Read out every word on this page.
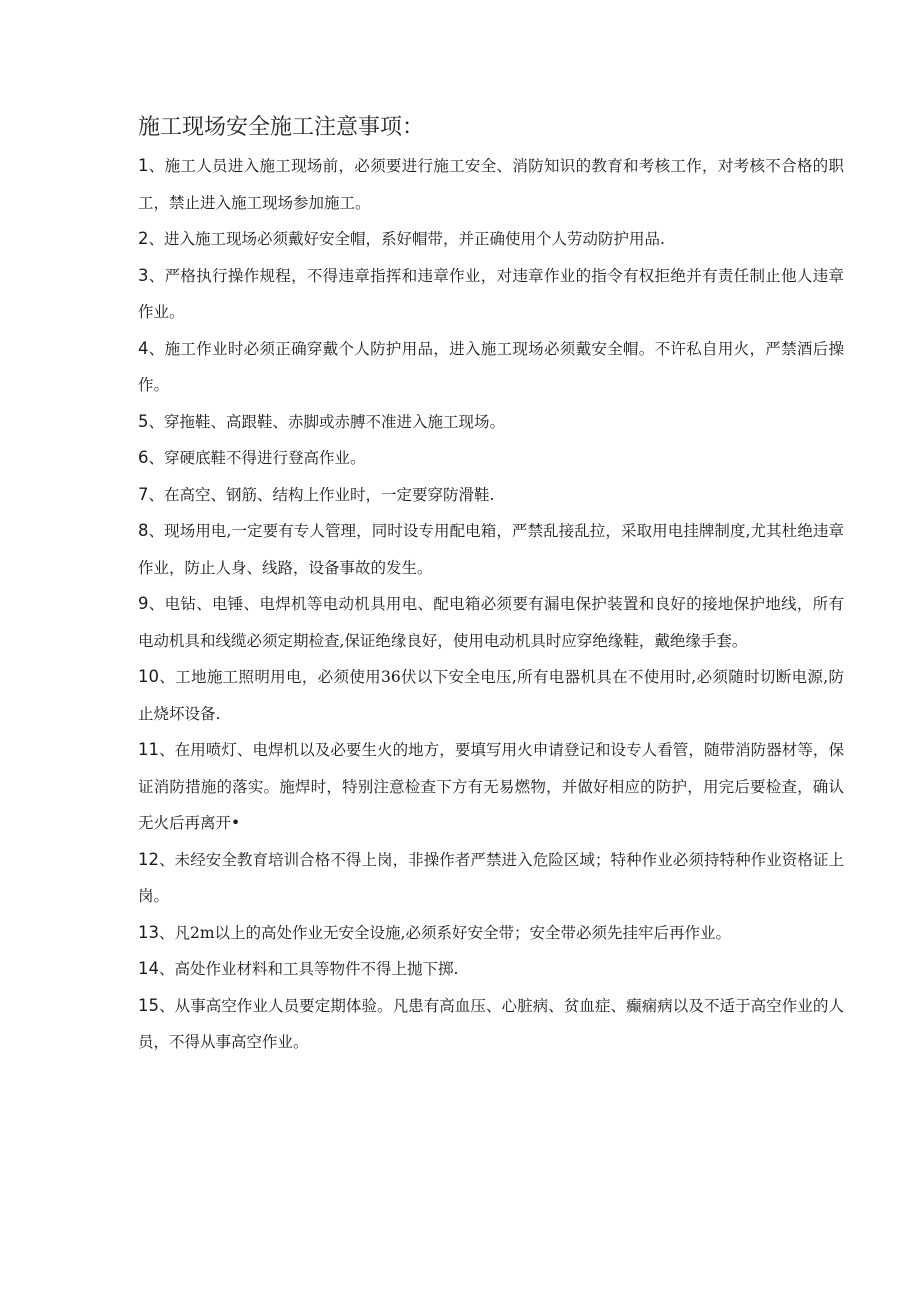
施工现场安全施工注意事项：

1、施工人员进入施工现场前，必须要进行施工安全、消防知识的教育和考核工作，对考核不合格的职工，禁止进入施工现场参加施工。

2、进入施工现场必须戴好安全帽，系好帽带，并正确使用个人劳动防护用品.

3、严格执行操作规程，不得违章指挥和违章作业，对违章作业的指令有权拒绝并有责任制止他人违章作业。

4、施工作业时必须正确穿戴个人防护用品，进入施工现场必须戴安全帽。不许私自用火，严禁酒后操作。

5、穿拖鞋、高跟鞋、赤脚或赤膊不准进入施工现场。

6、穿硬底鞋不得进行登高作业。

7、在高空、钢筋、结构上作业时，一定要穿防滑鞋.

8、现场用电,一定要有专人管理，同时设专用配电箱，严禁乱接乱拉，采取用电挂牌制度,尤其杜绝违章作业，防止人身、线路，设备事故的发生。

9、电钻、电锤、电焊机等电动机具用电、配电箱必须要有漏电保护装置和良好的接地保护地线，所有电动机具和线缆必须定期检查,保证绝缘良好，使用电动机具时应穿绝缘鞋，戴绝缘手套。

10、工地施工照明用电，必须使用36伏以下安全电压,所有电器机具在不使用时,必须随时切断电源,防止烧坏设备.

11、在用喷灯、电焊机以及必要生火的地方，要填写用火申请登记和设专人看管，随带消防器材等，保证消防措施的落实。施焊时，特别注意检查下方有无易燃物，并做好相应的防护，用完后要检查，确认无火后再离开•

12、未经安全教育培训合格不得上岗，非操作者严禁进入危险区域；特种作业必须持特种作业资格证上岗。

13、凡2m以上的高处作业无安全设施,必须系好安全带；安全带必须先挂牢后再作业。

14、高处作业材料和工具等物件不得上抛下掷.

15、从事高空作业人员要定期体验。凡患有高血压、心脏病、贫血症、癫痫病以及不适于高空作业的人员，不得从事高空作业。
